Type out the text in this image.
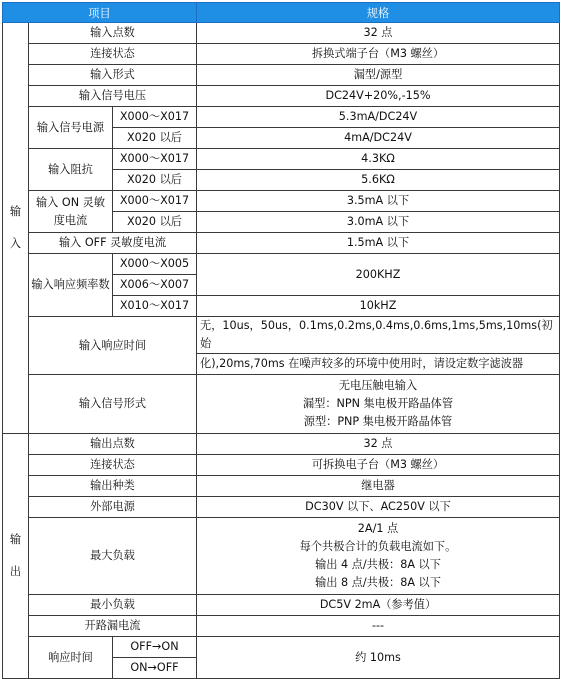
项目			规格

输

入	输入点数		32 点
	连接状态		拆换式端子台（M3 螺丝）
	输入形式		漏型/源型
	输入信号电压		DC24V+20%,-15%
	输入信号电源	X000～X017	5.3mA/DC24V
		X020 以后	4mA/DC24V
	输入阻抗	X000～X017	4.3KΩ
		X020 以后	5.6KΩ
	输入 ON 灵敏度电流	X000～X017	3.5mA 以下
		X020 以后	3.0mA 以下
	输入 OFF 灵敏度电流		1.5mA 以下
	输入响应频率数	X000～X005	200KHZ
		X006～X007	
		X010～X017	10kHZ
	输入响应时间		无，10us，50us，0.1ms,0.2ms,0.4ms,0.6ms,1ms,5ms,10ms(初始
			化),20ms,70ms 在噪声较多的环境中使用时，请设定数字滤波器
	输入信号形式		无电压触电输入
漏型：NPN 集电极开路晶体管
源型：PNP 集电极开路晶体管

输

出	输出点数		32 点
	连接状态		可拆换电子台（M3 螺丝）
	输出种类		继电器
	外部电源		DC30V 以下、AC250V 以下
	最大负载		2A/1 点
每个共极合计的负载电流如下。
输出 4 点/共极：8A 以下
输出 8 点/共极：8A 以下

	最小负载		DC5V 2mA（参考值）
	开路漏电流		---
	响应时间	OFF→ON	约 10ms
		ON→OFF	
